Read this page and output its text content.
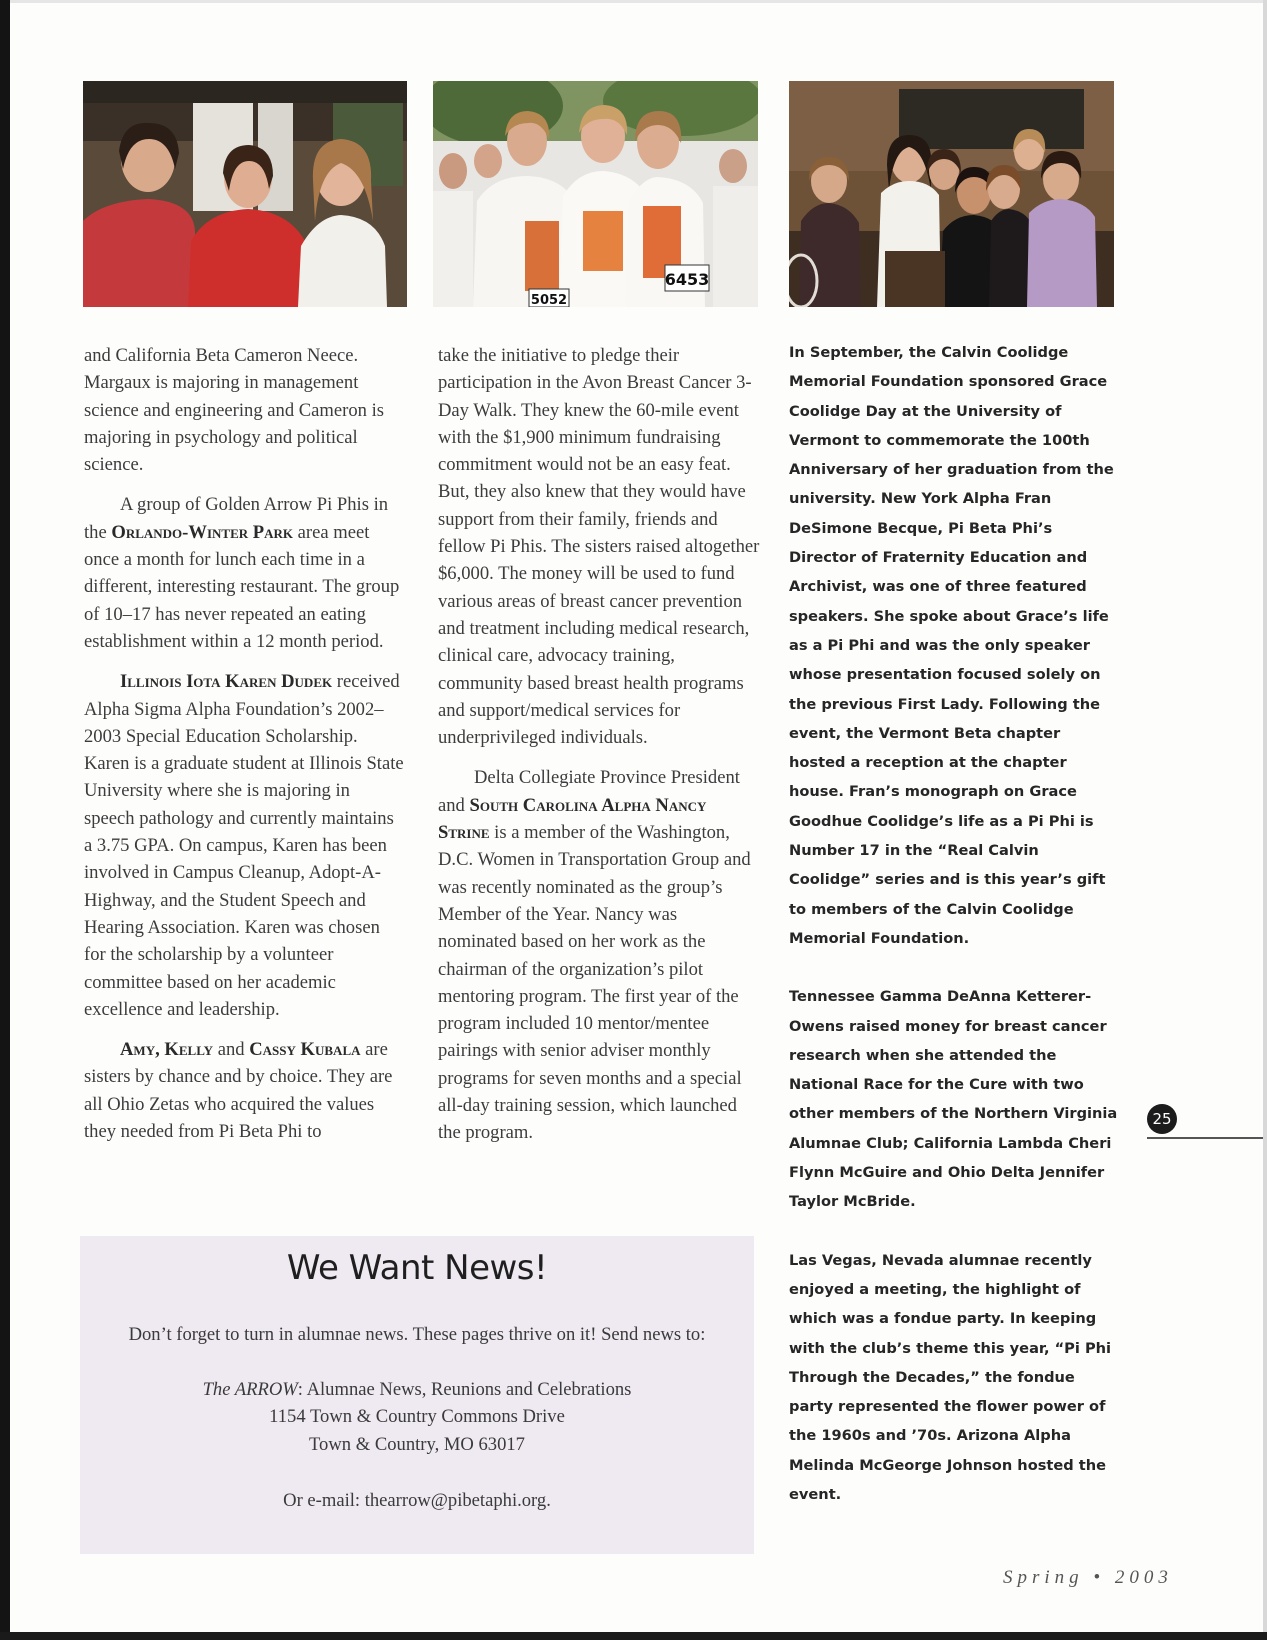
6453
5052

and California Beta Cameron Neece. Margaux is majoring in management science and engineering and Cameron is majoring in psychology and political science.

A group of Golden Arrow Pi Phis in the Orlando-Winter Park area meet once a month for lunch each time in a different, interesting restaurant. The group of 10–17 has never repeated an eating establishment within a 12 month period.

Illinois Iota Karen Dudek received Alpha Sigma Alpha Foundation’s 2002–2003 Special Education Scholarship. Karen is a graduate student at Illinois State University where she is majoring in speech pathology and currently maintains a 3.75 GPA. On campus, Karen has been involved in Campus Cleanup, Adopt-A-Highway, and the Student Speech and Hearing Association. Karen was chosen for the scholarship by a volunteer committee based on her academic excellence and leadership.

Amy, Kelly and Cassy Kubala are sisters by chance and by choice. They are all Ohio Zetas who acquired the values they needed from Pi Beta Phi to

take the initiative to pledge their participation in the Avon Breast Cancer 3-Day Walk. They knew the 60-mile event with the $1,900 minimum fundraising commitment would not be an easy feat. But, they also knew that they would have support from their family, friends and fellow Pi Phis. The sisters raised altogether $6,000. The money will be used to fund various areas of breast cancer prevention and treatment including medical research, clinical care, advocacy training, community based breast health programs and support/medical services for underprivileged individuals.

Delta Collegiate Province President and South Carolina Alpha Nancy Strine is a member of the Washington, D.C. Women in Transportation Group and was recently nominated as the group’s Member of the Year. Nancy was nominated based on her work as the chairman of the organization’s pilot mentoring program. The first year of the program included 10 mentor/mentee pairings with senior adviser monthly programs for seven months and a special all-day training session, which launched the program.

In September, the Calvin Coolidge Memorial Foundation sponsored Grace Coolidge Day at the University of Vermont to commemorate the 100th Anniversary of her graduation from the university. New York Alpha Fran DeSimone Becque, Pi Beta Phi’s Director of Fraternity Education and Archivist, was one of three featured speakers. She spoke about Grace’s life as a Pi Phi and was the only speaker whose presentation focused solely on the previous First Lady. Following the event, the Vermont Beta chapter hosted a reception at the chapter house. Fran’s monograph on Grace Goodhue Coolidge’s life as a Pi Phi is Number 17 in the “Real Calvin Coolidge” series and is this year’s gift to members of the Calvin Coolidge Memorial Foundation.

Tennessee Gamma DeAnna Ketterer-Owens raised money for breast cancer research when she attended the National Race for the Cure with two other members of the Northern Virginia Alumnae Club; California Lambda Cheri Flynn McGuire and Ohio Delta Jennifer Taylor McBride.

Las Vegas, Nevada alumnae recently enjoyed a meeting, the highlight of which was a fondue party. In keeping with the club’s theme this year, “Pi Phi Through the Decades,” the fondue party represented the flower power of the 1960s and ’70s. Arizona Alpha Melinda McGeorge Johnson hosted the event.

We Want News!
Don’t forget to turn in alumnae news. These pages thrive on it! Send news to:
The ARROW: Alumnae News, Reunions and Celebrations
1154 Town & Country Commons Drive
Town & Country, MO 63017
Or e-mail: thearrow@pibetaphi.org.
25
Spring • 2003
